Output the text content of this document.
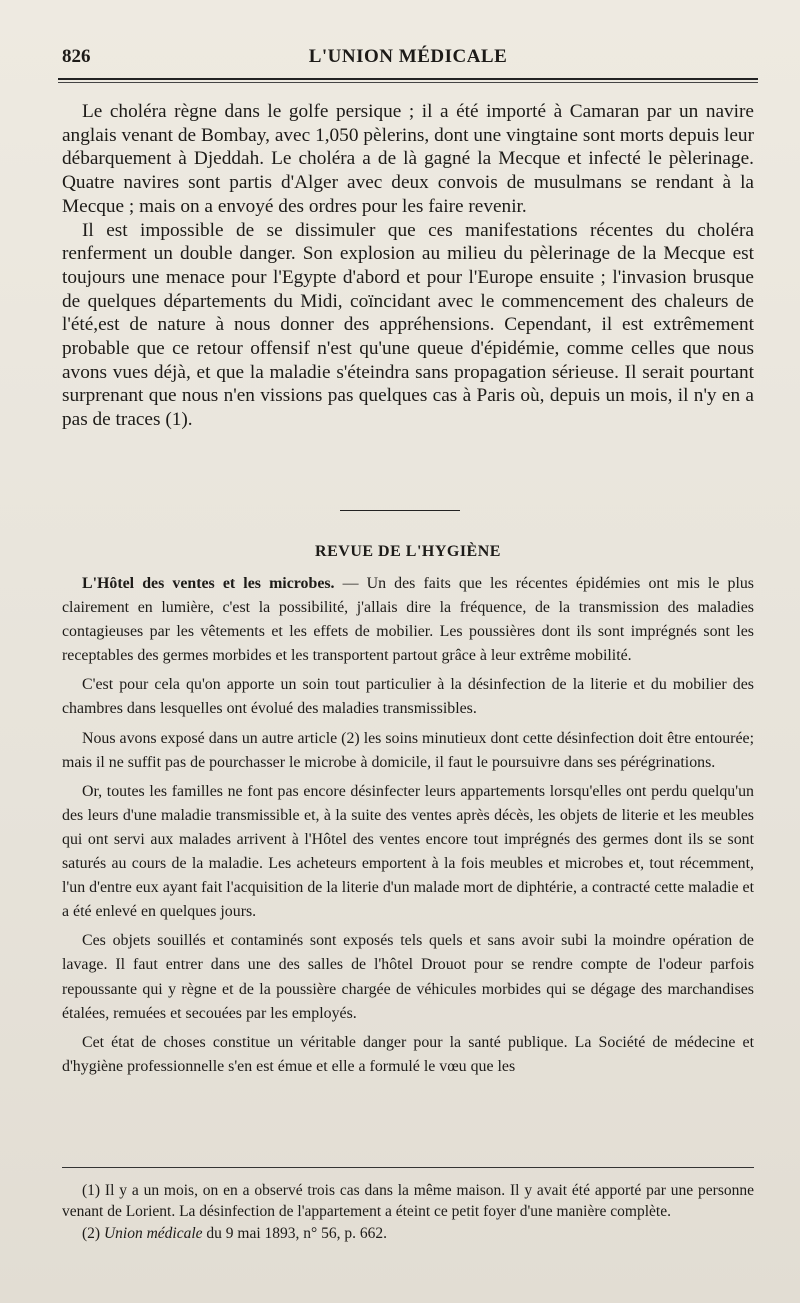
826	L'UNION MÉDICALE

Le choléra règne dans le golfe persique ; il a été importé à Camaran par un navire anglais venant de Bombay, avec 1,050 pèlerins, dont une vingtaine sont morts depuis leur débarquement à Djeddah. Le choléra a de là gagné la Mecque et infecté le pèlerinage. Quatre navires sont partis d'Alger avec deux convois de musulmans se rendant à la Mecque ; mais on a envoyé des ordres pour les faire revenir.

Il est impossible de se dissimuler que ces manifestations récentes du choléra renferment un double danger. Son explosion au milieu du pèlerinage de la Mecque est toujours une menace pour l'Egypte d'abord et pour l'Europe ensuite ; l'invasion brusque de quelques départements du Midi, coïncidant avec le commencement des chaleurs de l'été,est de nature à nous donner des appréhensions. Cependant, il est extrêmement probable que ce retour offensif n'est qu'une queue d'épidémie, comme celles que nous avons vues déjà, et que la maladie s'éteindra sans propagation sérieuse. Il serait pourtant surprenant que nous n'en vissions pas quelques cas à Paris où, depuis un mois, il n'y en a pas de traces (1).

REVUE DE L'HYGIÈNE

L'Hôtel des ventes et les microbes. — Un des faits que les récentes épidémies ont mis le plus clairement en lumière, c'est la possibilité, j'allais dire la fréquence, de la transmission des maladies contagieuses par les vêtements et les effets de mobilier. Les poussières dont ils sont imprégnés sont les receptables des germes morbides et les transportent partout grâce à leur extrême mobilité.

C'est pour cela qu'on apporte un soin tout particulier à la désinfection de la literie et du mobilier des chambres dans lesquelles ont évolué des maladies transmissibles.

Nous avons exposé dans un autre article (2) les soins minutieux dont cette désinfection doit être entourée; mais il ne suffit pas de pourchasser le microbe à domicile, il faut le poursuivre dans ses pérégrinations.

Or, toutes les familles ne font pas encore désinfecter leurs appartements lorsqu'elles ont perdu quelqu'un des leurs d'une maladie transmissible et, à la suite des ventes après décès, les objets de literie et les meubles qui ont servi aux malades arrivent à l'Hôtel des ventes encore tout imprégnés des germes dont ils se sont saturés au cours de la maladie. Les acheteurs emportent à la fois meubles et microbes et, tout récemment, l'un d'entre eux ayant fait l'acquisition de la literie d'un malade mort de diphtérie, a contracté cette maladie et a été enlevé en quelques jours.

Ces objets souillés et contaminés sont exposés tels quels et sans avoir subi la moindre opération de lavage. Il faut entrer dans une des salles de l'hôtel Drouot pour se rendre compte de l'odeur parfois repoussante qui y règne et de la poussière chargée de véhicules morbides qui se dégage des marchandises étalées, remuées et secouées par les employés.

Cet état de choses constitue un véritable danger pour la santé publique. La Société de médecine et d'hygiène professionnelle s'en est émue et elle a formulé le vœu que les

(1) Il y a un mois, on en a observé trois cas dans la même maison. Il y avait été apporté par une personne venant de Lorient. La désinfection de l'appartement a éteint ce petit foyer d'une manière complète.

(2) Union médicale du 9 mai 1893, n° 56, p. 662.
